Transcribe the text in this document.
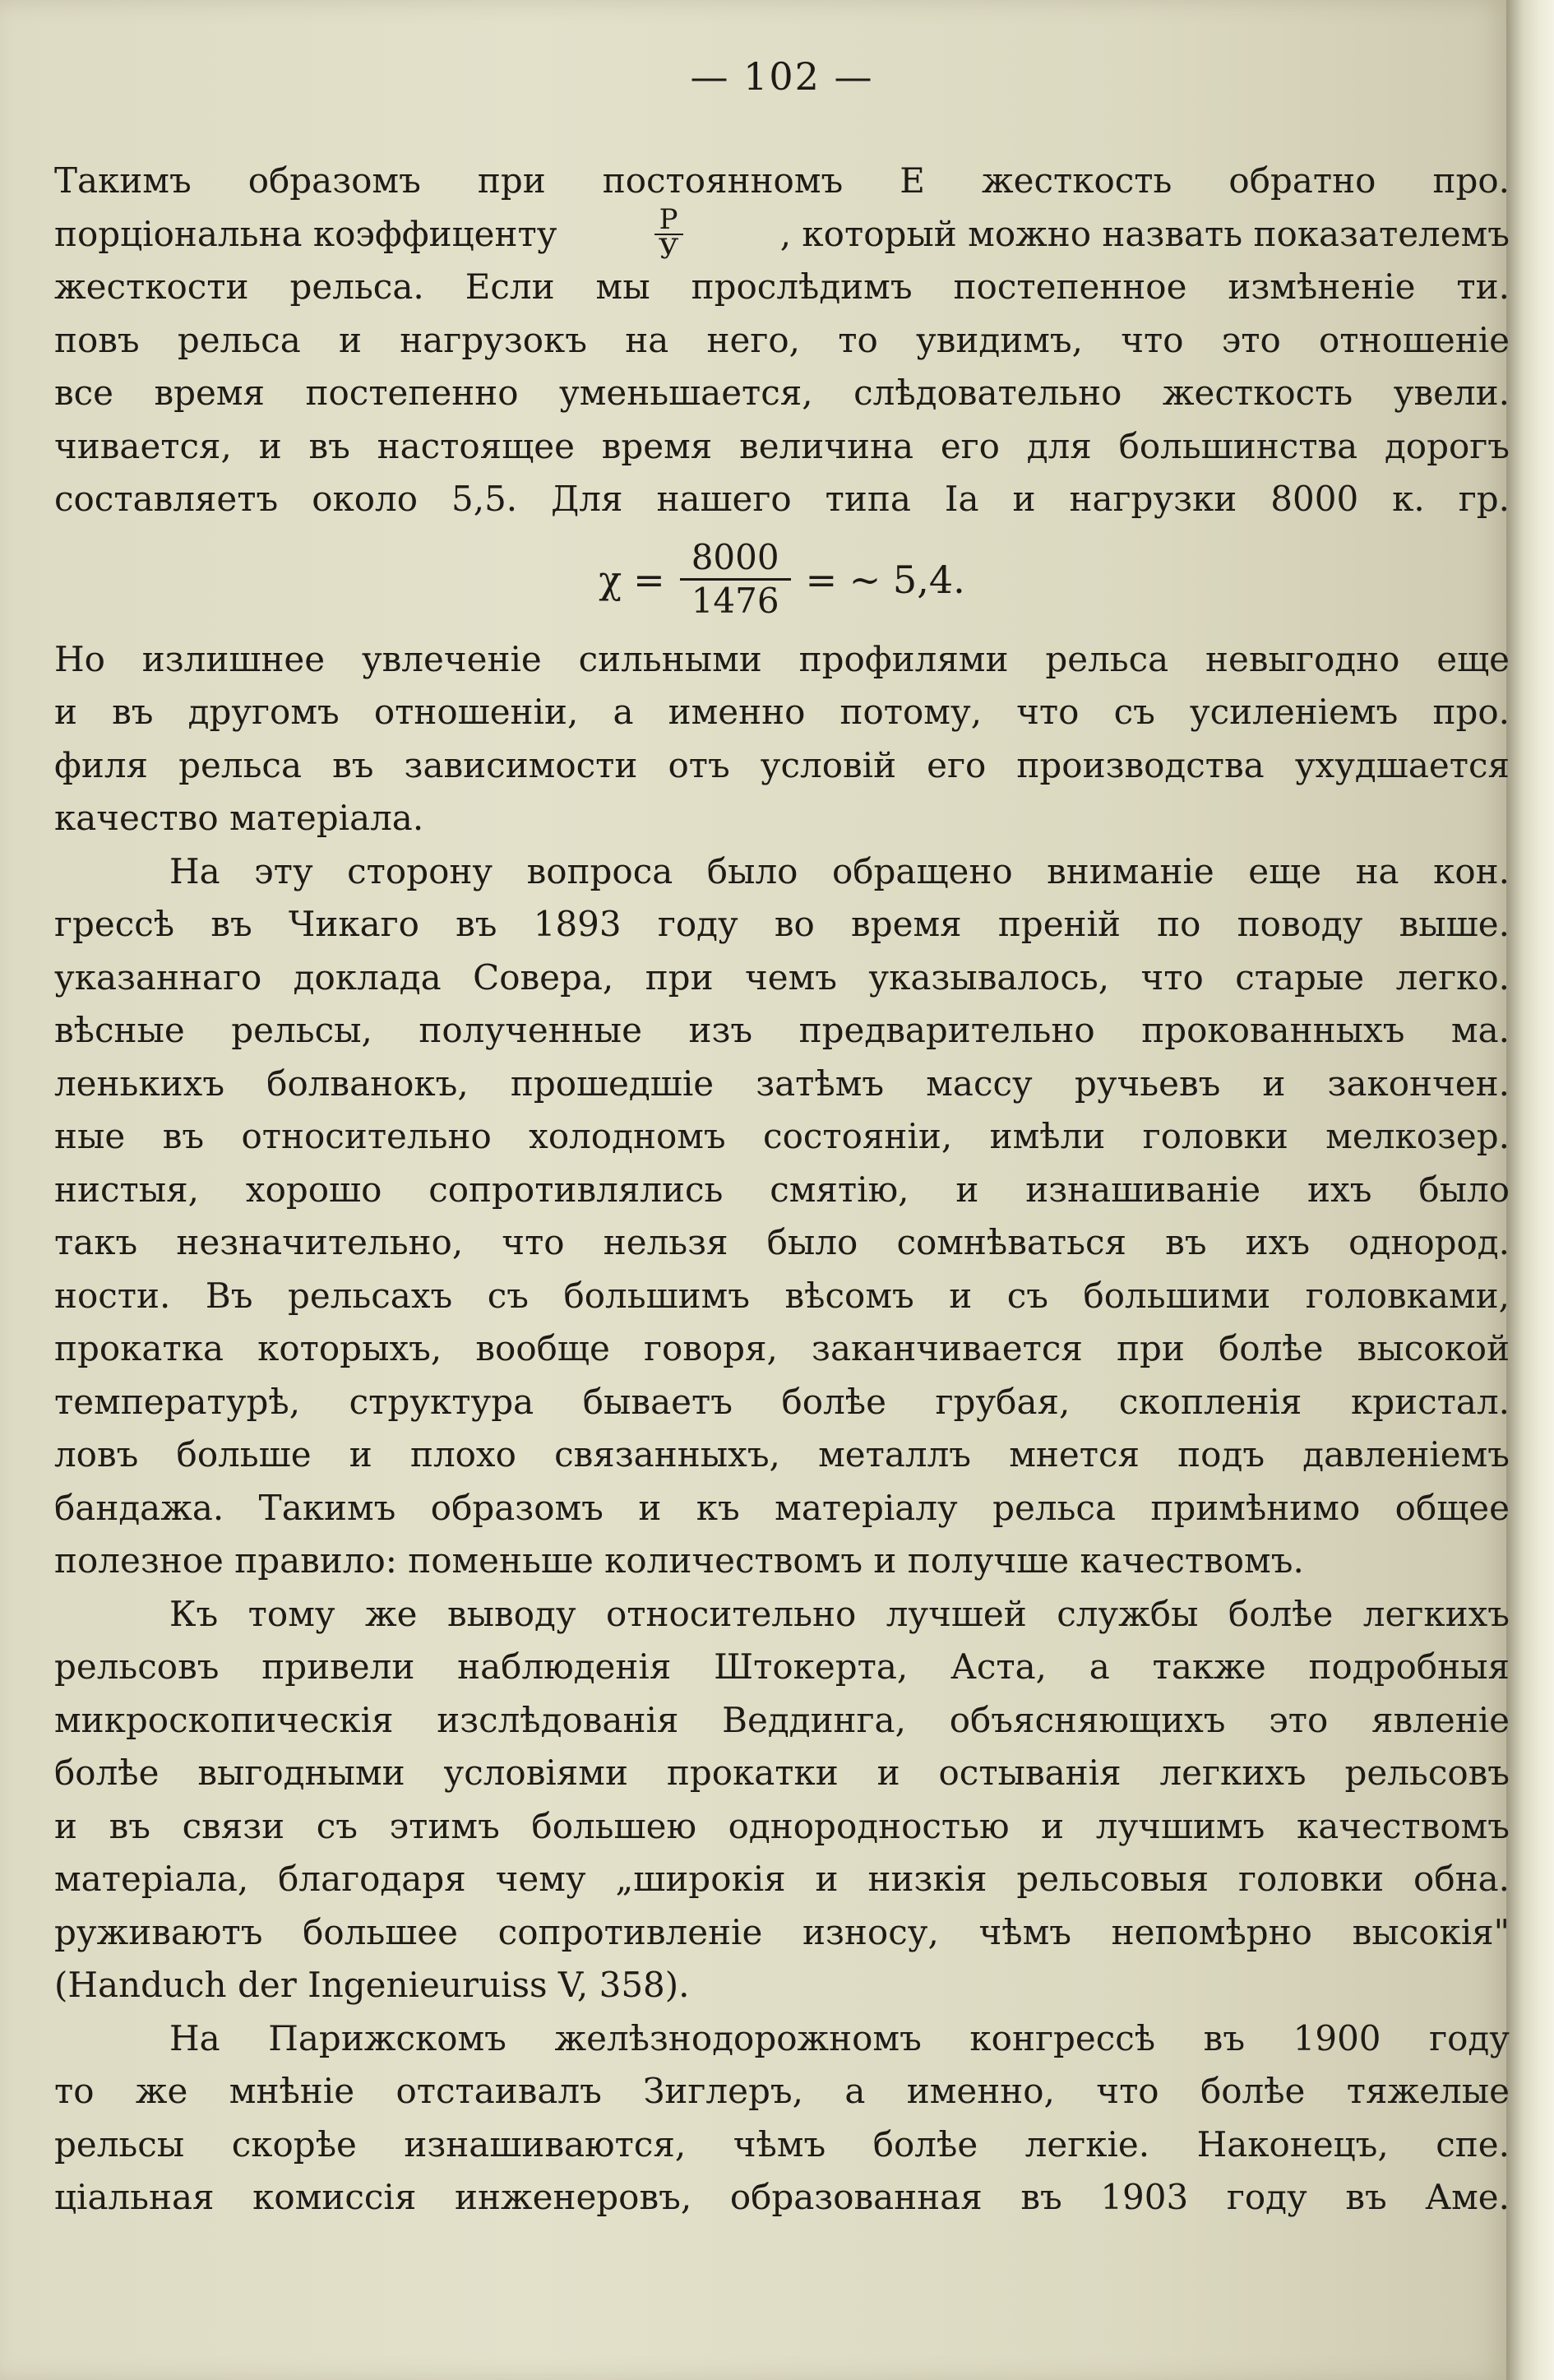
— 102 —
Такимъ образомъ при постоянномъ Е жесткость обратно про.
порціональна коэффиценту	$\frac{P}{У}$	, который можно назвать показателемъ
жесткости рельса. Если мы прослѣдимъ постепенное измѣненіе ти.
повъ рельса и нагрузокъ на него, то увидимъ, что это отношеніе
все время постепенно уменьшается, слѣдовательно жесткость увели.
чивается, и въ настоящее время величина его для большинства дорогъ
составляетъ около 5,5. Для нашего типа Іа и нагрузки 8000 к. гр.
$\chi = \frac{8000}{1476}$ = ~ 5,4.
Но излишнее увлеченіе сильными профилями рельса невыгодно еще
и въ другомъ отношеніи, а именно потому, что съ усиленіемъ про.
филя рельса въ зависимости отъ условій его производства ухудшается
качество матеріала.
На эту сторону вопроса было обращено вниманіе еще на кон.
грессѣ въ Чикаго въ 1893 году во время преній по поводу выше.
указаннаго доклада Совера, при чемъ указывалось, что старые легко.
вѣсные рельсы, полученные изъ предварительно прокованныхъ ма.
ленькихъ болванокъ, прошедшіе затѣмъ массу ручьевъ и закончен.
ные въ относительно холодномъ состояніи, имѣли головки мелкозер.
нистыя, хорошо сопротивлялись смятію, и изнашиваніе ихъ было
такъ незначительно, что нельзя было сомнѣваться въ ихъ однород.
ности. Въ рельсахъ съ большимъ вѣсомъ и съ большими головками,
прокатка которыхъ, вообще говоря, заканчивается при болѣе высокой
температурѣ, структура бываетъ болѣе грубая, скопленія кристал.
ловъ больше и плохо связанныхъ, металлъ мнется подъ давленіемъ
бандажа. Такимъ образомъ и къ матеріалу рельса примѣнимо общее
полезное правило: поменьше количествомъ и получше качествомъ.
Къ тому же выводу относительно лучшей службы болѣе легкихъ
рельсовъ привели наблюденія Штокерта, Аста, а также подробныя
микроскопическія изслѣдованія Веддинга, объясняющихъ это явленіе
болѣе выгодными условіями прокатки и остыванія легкихъ рельсовъ
и въ связи съ этимъ большею однородностью и лучшимъ качествомъ
матеріала, благодаря чему „широкія и низкія рельсовыя головки обна.
руживаютъ большее сопротивленіе износу, чѣмъ непомѣрно высокія"
(Handuch der Ingenieuruiss V, 358).
На Парижскомъ желѣзнодорожномъ конгрессѣ въ 1900 году
то же мнѣніе отстаивалъ Зиглеръ, а именно, что болѣе тяжелые
рельсы скорѣе изнашиваются, чѣмъ болѣе легкіе. Наконецъ, спе.
ціальная комиссія инженеровъ, образованная въ 1903 году въ Аме.
